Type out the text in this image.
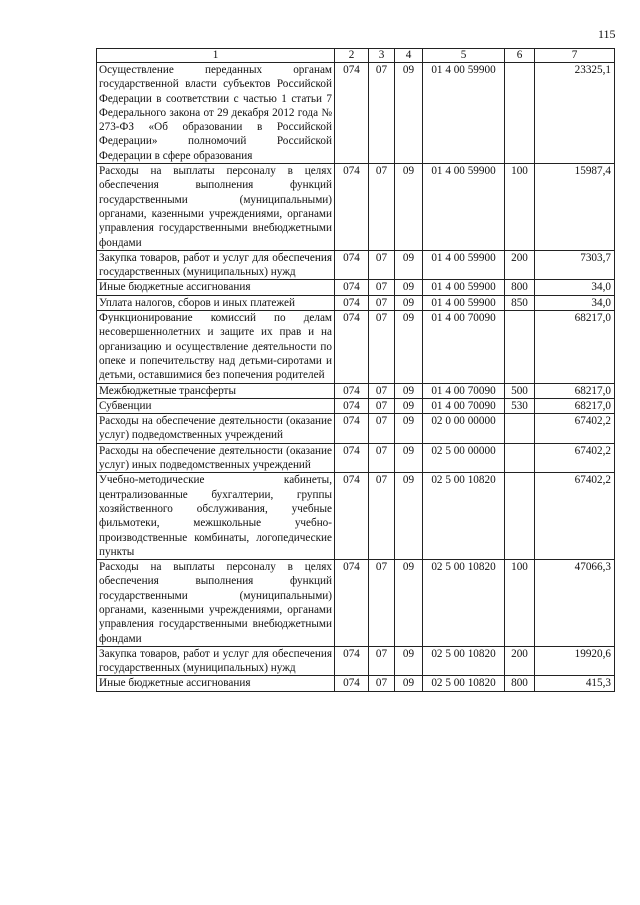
115
1	2	3	4	5	6	7
Осуществление переданных органам государственной власти субъектов Российской Федерации в соответствии с частью 1 статьи 7 Федерального закона от 29 декабря 2012 года № 273-ФЗ «Об образовании в Российской Федерации» полномочий Российской Федерации в сфере образования	074	07	09	01 4 00 59900		23325,1
Расходы на выплаты персоналу в целях обеспечения выполнения функций государственными (муниципальными) органами, казенными учреждениями, органами управления государственными внебюджетными фондами	074	07	09	01 4 00 59900	100	15987,4
Закупка товаров, работ и услуг для обеспечения государственных (муниципальных) нужд	074	07	09	01 4 00 59900	200	7303,7
Иные бюджетные ассигнования	074	07	09	01 4 00 59900	800	34,0
Уплата налогов, сборов и иных платежей	074	07	09	01 4 00 59900	850	34,0
Функционирование комиссий по делам несовершеннолетних и защите их прав и на организацию и осуществление деятельности по опеке и попечительству над детьми-сиротами и детьми, оставшимися без попечения родителей	074	07	09	01 4 00 70090		68217,0
Межбюджетные трансферты	074	07	09	01 4 00 70090	500	68217,0
Субвенции	074	07	09	01 4 00 70090	530	68217,0
Расходы на обеспечение деятельности (оказание услуг) подведомственных учреждений	074	07	09	02 0 00 00000		67402,2
Расходы на обеспечение деятельности (оказание услуг) иных подведомственных учреждений	074	07	09	02 5 00 00000		67402,2
Учебно-методические кабинеты, централизованные бухгалтерии, группы хозяйственного обслуживания, учебные фильмотеки, межшкольные учебно-производственные комбинаты, логопедические пункты	074	07	09	02 5 00 10820		67402,2
Расходы на выплаты персоналу в целях обеспечения выполнения функций государственными (муниципальными) органами, казенными учреждениями, органами управления государственными внебюджетными фондами	074	07	09	02 5 00 10820	100	47066,3
Закупка товаров, работ и услуг для обеспечения государственных (муниципальных) нужд	074	07	09	02 5 00 10820	200	19920,6
Иные бюджетные ассигнования	074	07	09	02 5 00 10820	800	415,3
